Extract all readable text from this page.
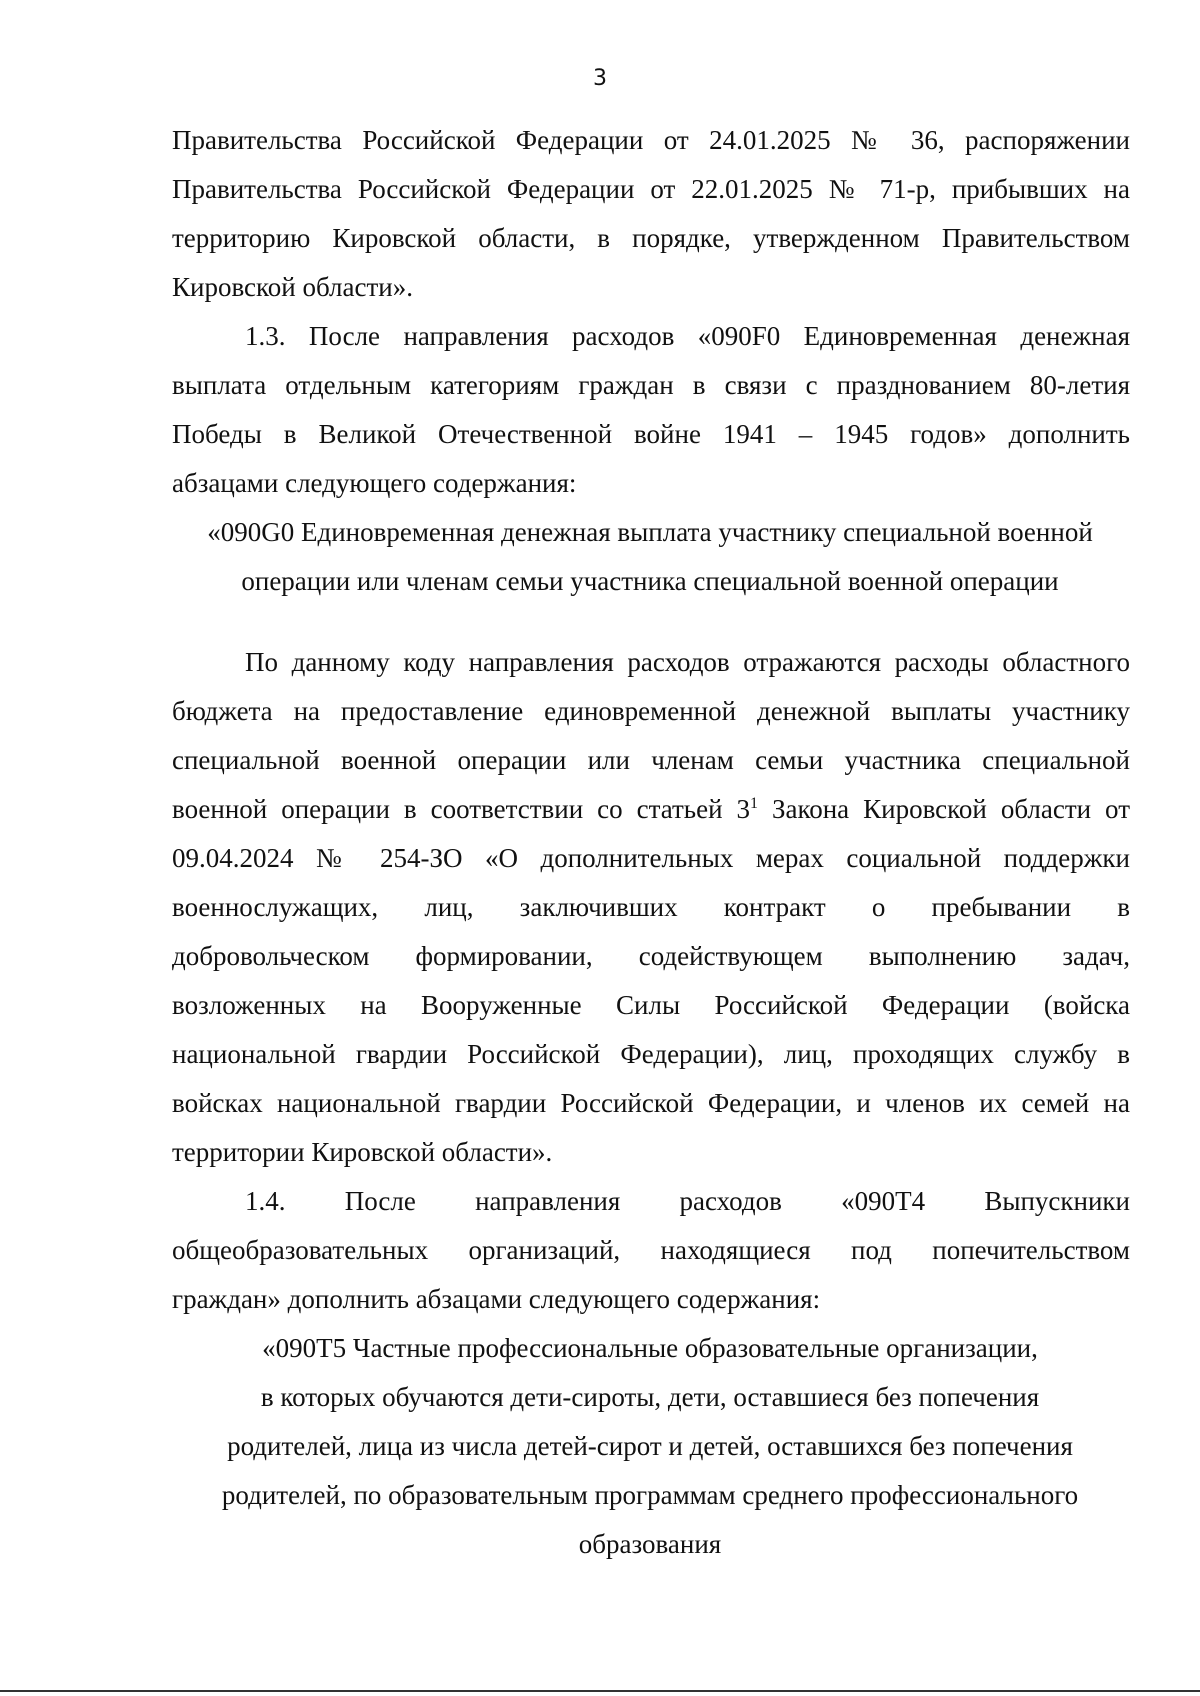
3
Правительства Российской Федерации от 24.01.2025 № 36, распоряжении
Правительства Российской Федерации от 22.01.2025 № 71-р, прибывших на
территорию Кировской области, в порядке, утвержденном Правительством
Кировской области».
1.3. После направления расходов «090F0 Единовременная денежная
выплата отдельным категориям граждан в связи с празднованием 80-летия
Победы в Великой Отечественной войне 1941 – 1945 годов» дополнить
абзацами следующего содержания:
«090G0 Единовременная денежная выплата участнику специальной военной
операции или членам семьи участника специальной военной операции
По данному коду направления расходов отражаются расходы областного
бюджета на предоставление единовременной денежной выплаты участнику
специальной военной операции или членам семьи участника специальной
военной операции в соответствии со статьей $3^1$ Закона Кировской области от
09.04.2024 № 254-ЗО «О дополнительных мерах социальной поддержки
военнослужащих, лиц, заключивших контракт о пребывании в
добровольческом формировании, содействующем выполнению задач,
возложенных на Вооруженные Силы Российской Федерации (войска
национальной гвардии Российской Федерации), лиц, проходящих службу в
войсках национальной гвардии Российской Федерации, и членов их семей на
территории Кировской области».
1.4. После направления расходов «090Т4 Выпускники
общеобразовательных организаций, находящиеся под попечительством
граждан» дополнить абзацами следующего содержания:
«090Т5 Частные профессиональные образовательные организации,
в которых обучаются дети-сироты, дети, оставшиеся без попечения
родителей, лица из числа детей-сирот и детей, оставшихся без попечения
родителей, по образовательным программам среднего профессионального
образования
